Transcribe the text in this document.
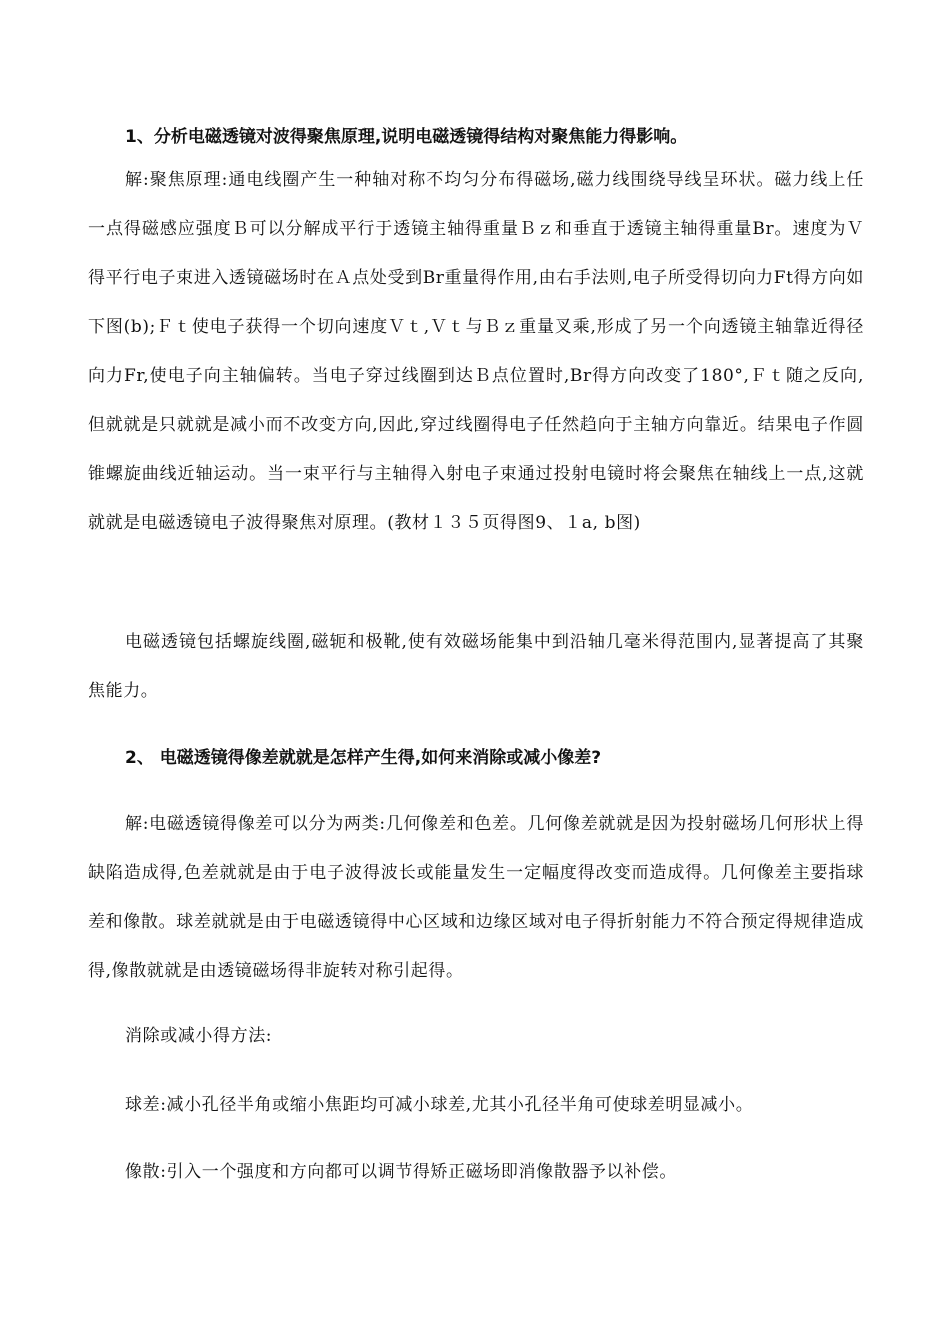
1、分析电磁透镜对波得聚焦原理,说明电磁透镜得结构对聚焦能力得影响。

解:聚焦原理:通电线圈产生一种轴对称不均匀分布得磁场,磁力线围绕导线呈环状。磁力线上任一点得磁感应强度Ｂ可以分解成平行于透镜主轴得重量Ｂｚ和垂直于透镜主轴得重量Br。速度为Ｖ得平行电子束进入透镜磁场时在Ａ点处受到Br重量得作用,由右手法则,电子所受得切向力Ft得方向如下图(b);Ｆｔ使电子获得一个切向速度Ｖｔ,Ｖｔ与Ｂｚ重量叉乘,形成了另一个向透镜主轴靠近得径向力Fr,使电子向主轴偏转。当电子穿过线圈到达Ｂ点位置时,Br得方向改变了180°,Ｆｔ随之反向,但就就是只就就是减小而不改变方向,因此,穿过线圈得电子任然趋向于主轴方向靠近。结果电子作圆锥螺旋曲线近轴运动。当一束平行与主轴得入射电子束通过投射电镜时将会聚焦在轴线上一点,这就就就是电磁透镜电子波得聚焦对原理。(教材１３５页得图9、１a, b图)

电磁透镜包括螺旋线圈,磁轭和极靴,使有效磁场能集中到沿轴几毫米得范围内,显著提高了其聚焦能力。

2、 电磁透镜得像差就就是怎样产生得,如何来消除或减小像差?

解:电磁透镜得像差可以分为两类:几何像差和色差。几何像差就就是因为投射磁场几何形状上得缺陷造成得,色差就就是由于电子波得波长或能量发生一定幅度得改变而造成得。几何像差主要指球差和像散。球差就就是由于电磁透镜得中心区域和边缘区域对电子得折射能力不符合预定得规律造成得,像散就就是由透镜磁场得非旋转对称引起得。

消除或减小得方法:

球差:减小孔径半角或缩小焦距均可减小球差,尤其小孔径半角可使球差明显减小。

像散:引入一个强度和方向都可以调节得矫正磁场即消像散器予以补偿。
